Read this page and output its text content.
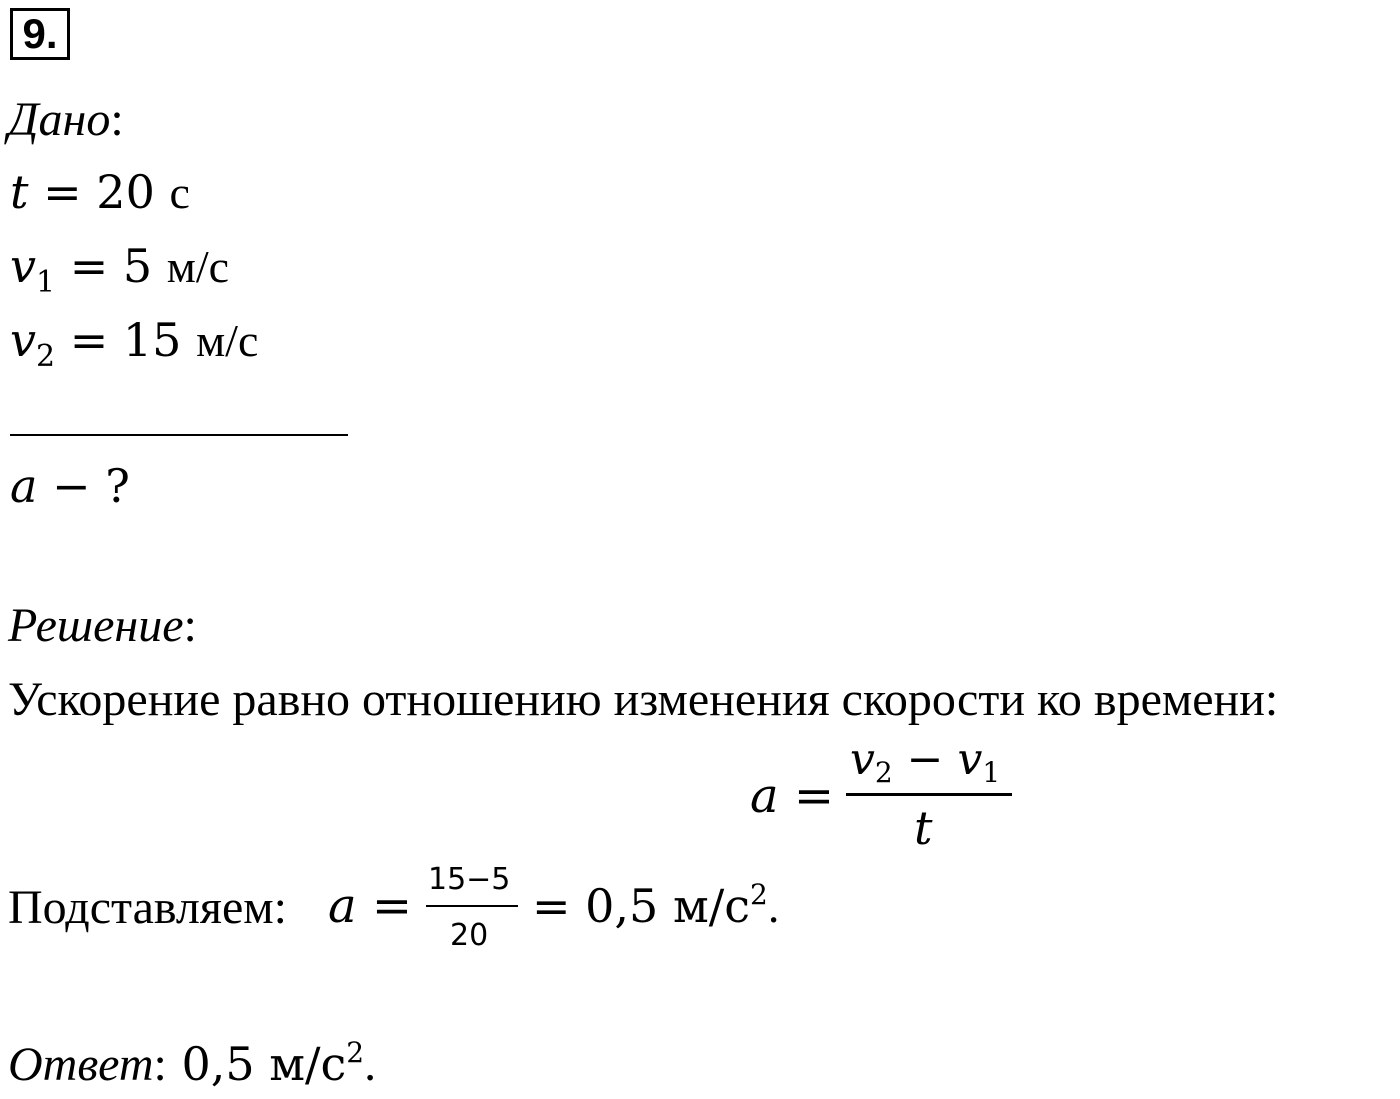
9.
Дано:
t = 20 с
$v_1 = 5$ м/с
$v_2 = 15$ м/с
a − ?
Решение:
Ускорение равно отношению изменения скорости ко времени:
a =
v2 − v1
t
Подставляем: a = 15−5
20
= 0,5 $м/с^2$.
Ответ: 0,5 $м/с^2$.
